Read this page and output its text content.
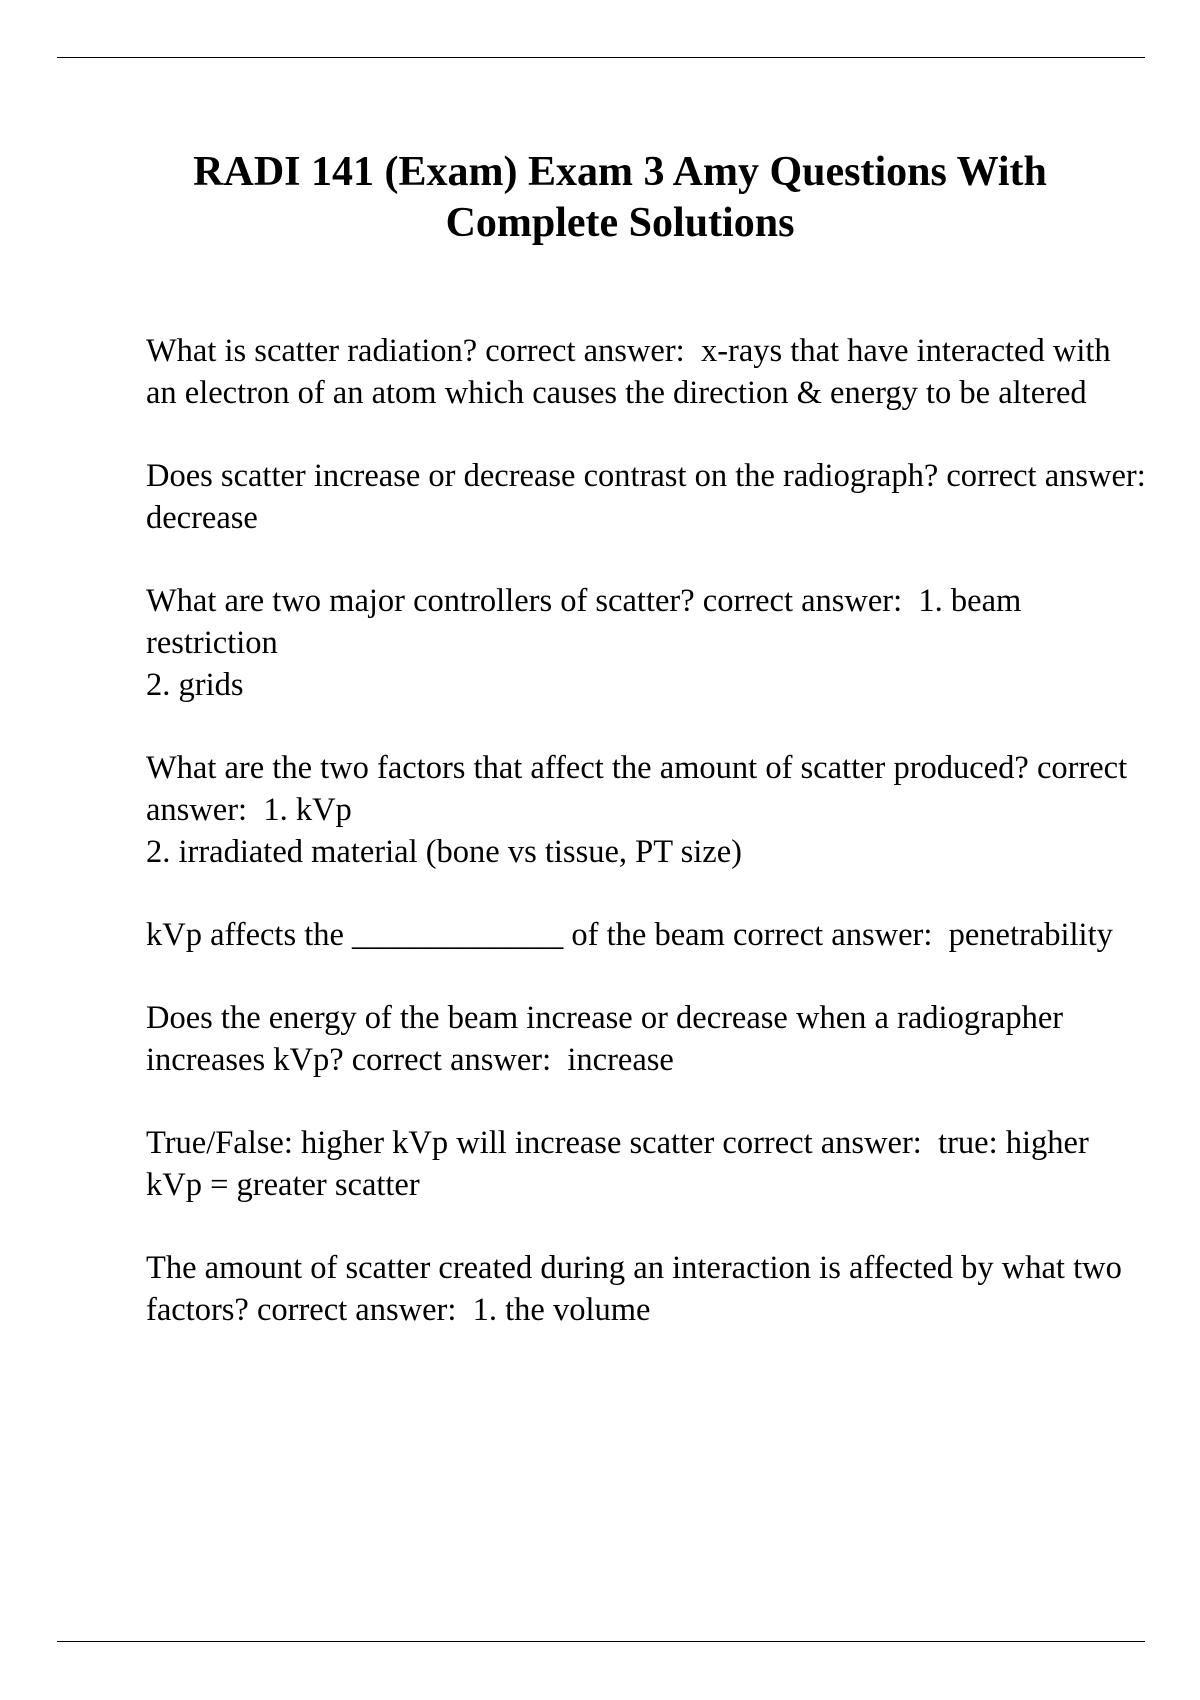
RADI 141 (Exam) Exam 3 Amy Questions With Complete Solutions

What is scatter radiation? correct answer:  x-rays that have interacted with an electron of an atom which causes the direction & energy to be altered

Does scatter increase or decrease contrast on the radiograph? correct answer:  decrease

What are two major controllers of scatter? correct answer:  1. beam restriction
2. grids

What are the two factors that affect the amount of scatter produced? correct answer:  1. kVp
2. irradiated material (bone vs tissue, PT size)

kVp affects the _____________ of the beam correct answer:  penetrability

Does the energy of the beam increase or decrease when a radiographer increases kVp? correct answer:  increase

True/False: higher kVp will increase scatter correct answer:  true: higher kVp = greater scatter

The amount of scatter created during an interaction is affected by what two factors? correct answer:  1. the volume
